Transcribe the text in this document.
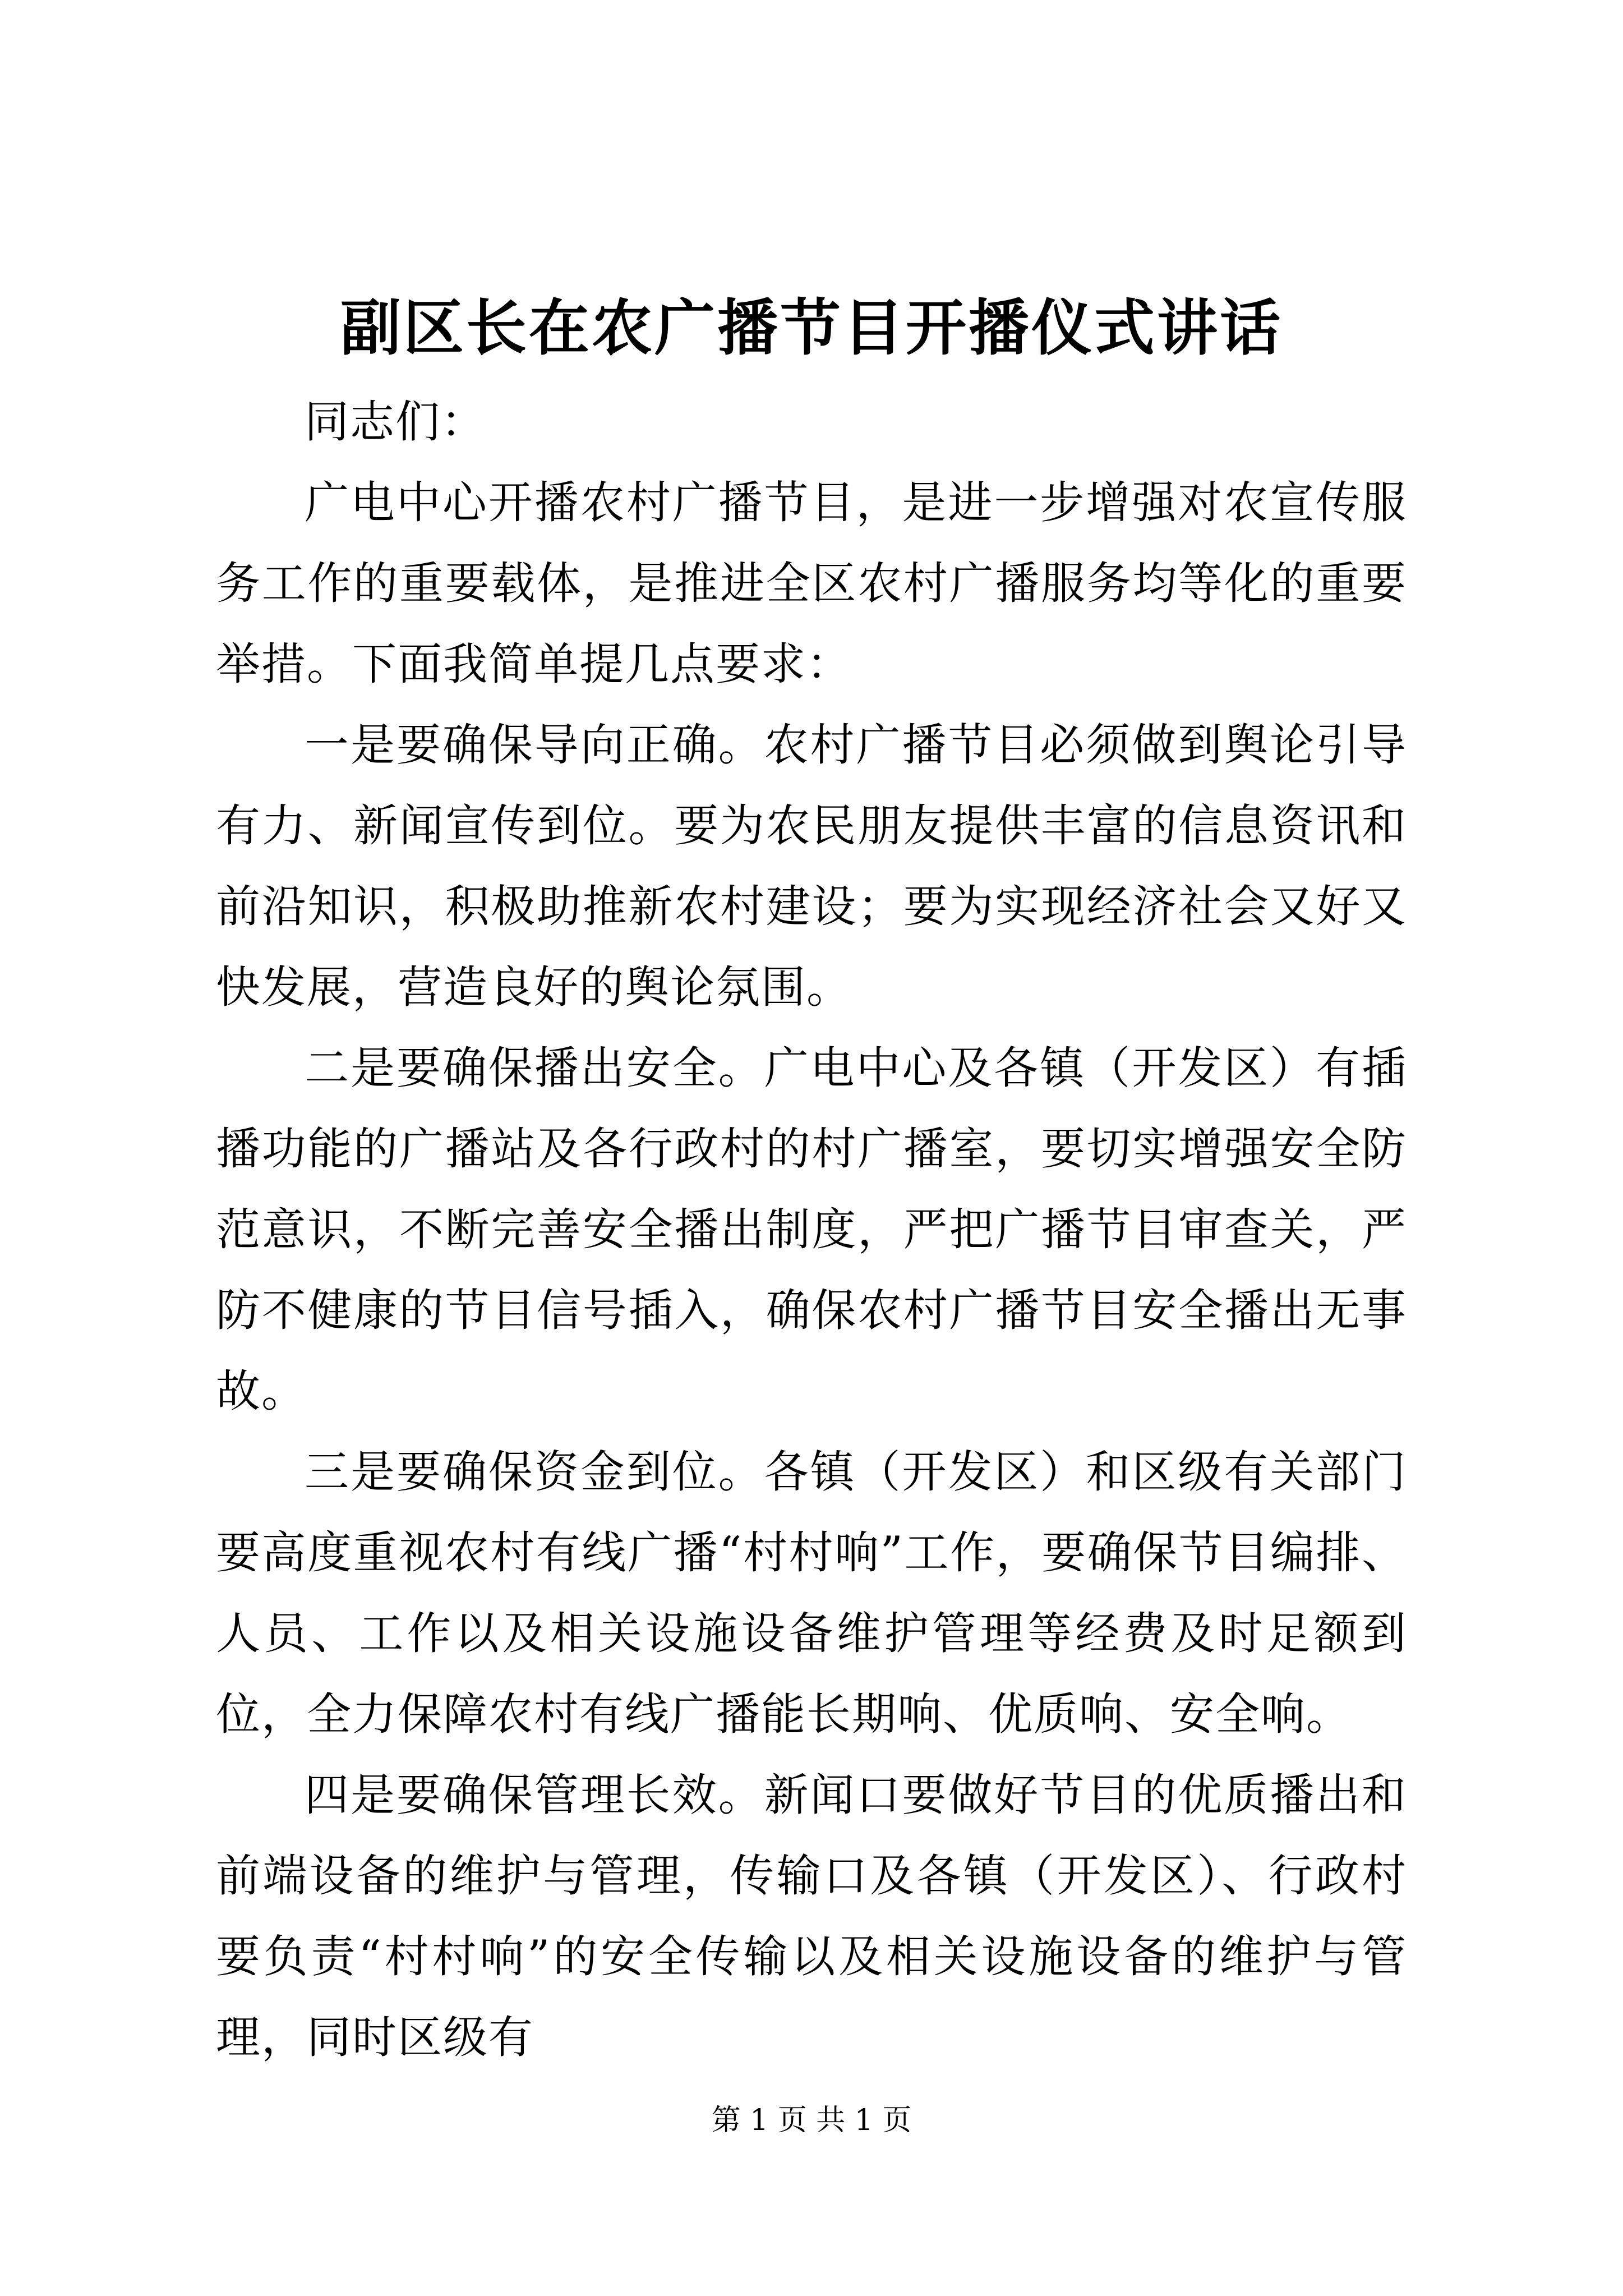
副区长在农广播节目开播仪式讲话

同志们：

广电中心开播农村广播节目，是进一步增强对农宣传服务工作的重要载体，是推进全区农村广播服务均等化的重要举措。下面我简单提几点要求：

一是要确保导向正确。农村广播节目必须做到舆论引导有力、新闻宣传到位。要为农民朋友提供丰富的信息资讯和前沿知识，积极助推新农村建设；要为实现经济社会又好又快发展，营造良好的舆论氛围。

二是要确保播出安全。广电中心及各镇（开发区）有插播功能的广播站及各行政村的村广播室，要切实增强安全防范意识，不断完善安全播出制度，严把广播节目审查关，严防不健康的节目信号插入，确保农村广播节目安全播出无事故。

三是要确保资金到位。各镇（开发区）和区级有关部门要高度重视农村有线广播“村村响”工作，要确保节目编排、人员、工作以及相关设施设备维护管理等经费及时足额到位，全力保障农村有线广播能长期响、优质响、安全响。

四是要确保管理长效。新闻口要做好节目的优质播出和前端设备的维护与管理，传输口及各镇（开发区）、行政村要负责“村村响”的安全传输以及相关设施设备的维护与管理，同时区级有

第 1 页 共 1 页
